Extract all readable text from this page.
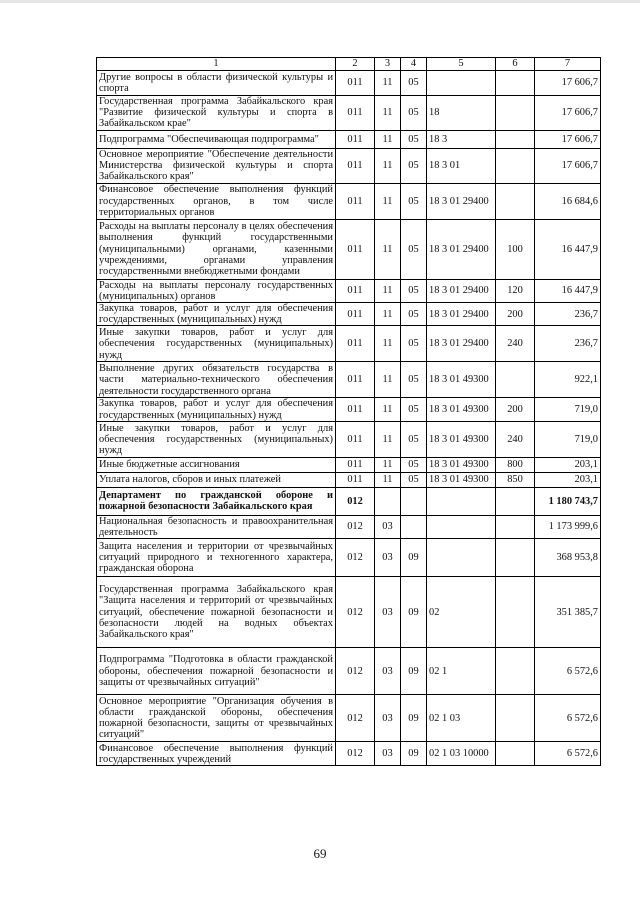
1	2	3	4	5	6	7
Другие вопросы в области физической культуры и спорта	011	11	05			17 606,7
Государственная программа Забайкальского края "Развитие физической культуры и спорта в Забайкальском крае"	011	11	05	18		17 606,7
Подпрограмма "Обеспечивающая подпрограмма"	011	11	05	18 3		17 606,7
Основное мероприятие "Обеспечение деятельности Министерства физической культуры и спорта Забайкальского края"	011	11	05	18 3 01		17 606,7
Финансовое обеспечение выполнения функций государственных органов, в том числе территориальных органов	011	11	05	18 3 01 29400		16 684,6
Расходы на выплаты персоналу в целях обеспечения выполнения функций государственными (муниципальными) органами, казенными учреждениями, органами управления государственными внебюджетными фондами	011	11	05	18 3 01 29400	100	16 447,9
Расходы на выплаты персоналу государственных (муниципальных) органов	011	11	05	18 3 01 29400	120	16 447,9
Закупка товаров, работ и услуг для обеспечения государственных (муниципальных) нужд	011	11	05	18 3 01 29400	200	236,7
Иные закупки товаров, работ и услуг для обеспечения государственных (муниципальных) нужд	011	11	05	18 3 01 29400	240	236,7
Выполнение других обязательств государства в части материально-технического обеспечения деятельности государственного органа	011	11	05	18 3 01 49300		922,1
Закупка товаров, работ и услуг для обеспечения государственных (муниципальных) нужд	011	11	05	18 3 01 49300	200	719,0
Иные закупки товаров, работ и услуг для обеспечения государственных (муниципальных) нужд	011	11	05	18 3 01 49300	240	719,0
Иные бюджетные ассигнования	011	11	05	18 3 01 49300	800	203,1
Уплата налогов, сборов и иных платежей	011	11	05	18 3 01 49300	850	203,1
Департамент по гражданской обороне и пожарной безопасности Забайкальского края	012					1 180 743,7
Национальная безопасность и правоохранительная деятельность	012	03				1 173 999,6
Защита населения и территории от чрезвычайных ситуаций природного и техногенного характера, гражданская оборона	012	03	09			368 953,8
Государственная программа Забайкальского края "Защита населения и территорий от чрезвычайных ситуаций, обеспечение пожарной безопасности и безопасности людей на водных объектах Забайкальского края"	012	03	09	02		351 385,7
Подпрограмма "Подготовка в области гражданской обороны, обеспечения пожарной безопасности и защиты от чрезвычайных ситуаций"	012	03	09	02 1		6 572,6
Основное мероприятие "Организация обучения в области гражданской обороны, обеспечения пожарной безопасности, защиты от чрезвычайных ситуаций"	012	03	09	02 1 03		6 572,6
Финансовое обеспечение выполнения функций государственных учреждений	012	03	09	02 1 03 10000		6 572,6
69
